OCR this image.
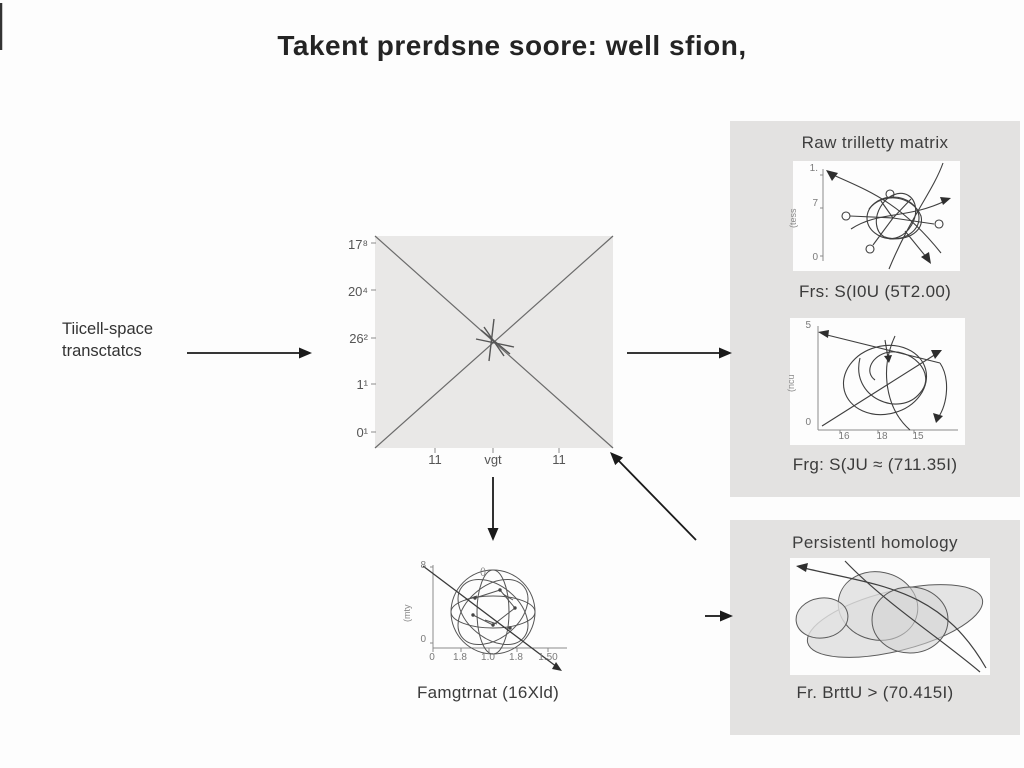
Takent prerdsne soore: well sfion,
Tiicell-space
transctatcs
17⁸
20⁴
26²
1¹
0¹
11	vgt	11
Raw trilletty matrix
1.
7
0
(tess
Frs: S(I0U (5T2.00)
5
0
(ncu
16	18	15
Frg: S(JU ≈ (711.35I)
8
0
(mty
0	1.8	1.0	1.8	1.50
()
Famgtrnat (16Xld)
Persistentl homology
Fr. BrttU > (70.415I)
